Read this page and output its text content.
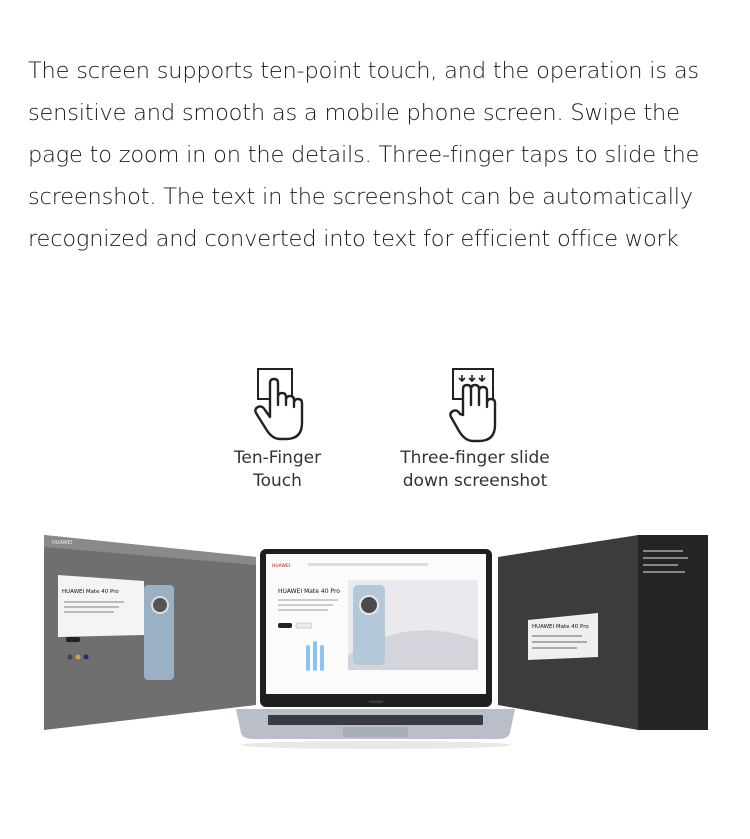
The screen supports ten-point touch, and the operation is as sensitive and smooth as a mobile phone screen. Swipe the page to zoom in on the details. Three-finger taps to slide the screenshot. The text in the screenshot can be automatically recognized and converted into text for efficient office work
Ten-Finger
Touch
Three-finger slide
down screenshot
HUAWEI
HUAWEI Mate 40 Pro
HUAWEI
HUAWEI Mate 40 Pro
HUAWEI
HUAWEI Mate 40 Pro
